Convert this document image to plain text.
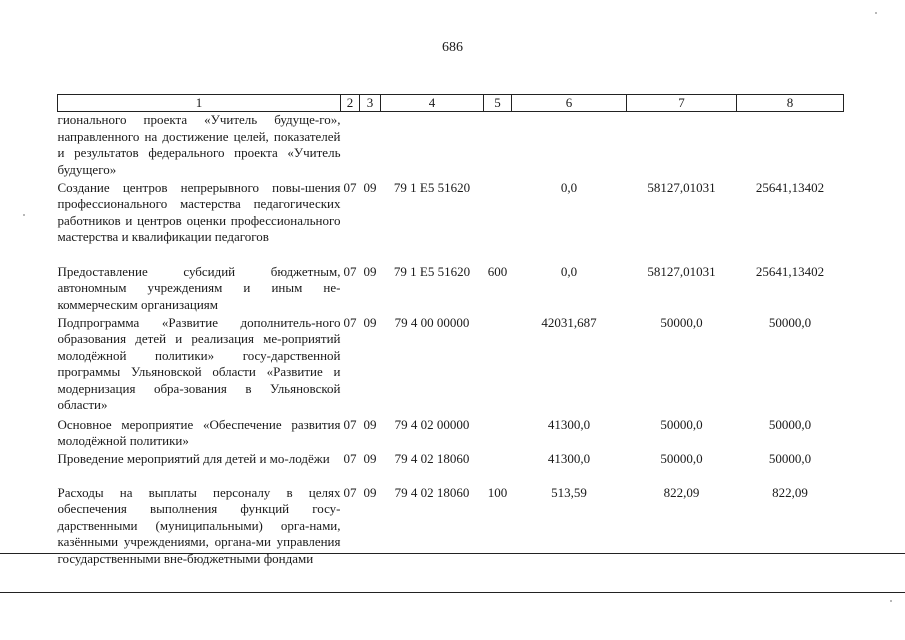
686
1	2	3	4	5	6	7	8
гионального проекта «Учитель будуще-го», направленного на достижение целей, показателей и результатов федерального проекта «Учитель будущего»							
Создание центров непрерывного повы-шения профессионального мастерства педагогических работников и центров оценки профессионального мастерства и квалификации педагогов	07	09	79 1 E5 51620		0,0	58127,01031	25641,13402
Предоставление субсидий бюджетным, автономным учреждениям и иным не-коммерческим организациям	07	09	79 1 E5 51620	600	0,0	58127,01031	25641,13402
Подпрограмма «Развитие дополнитель-ного образования детей и реализация ме-роприятий молодёжной политики» госу-дарственной программы Ульяновской области «Развитие и модернизация обра-зования в Ульяновской области»	07	09	79 4 00 00000		42031,687	50000,0	50000,0
Основное мероприятие «Обеспечение развития молодёжной политики»	07	09	79 4 02 00000		41300,0	50000,0	50000,0
Проведение мероприятий для детей и мо-лодёжи	07	09	79 4 02 18060		41300,0	50000,0	50000,0
Расходы на выплаты персоналу в целях обеспечения выполнения функций госу-дарственными (муниципальными) орга-нами, казёнными учреждениями, органа-ми управления государственными вне-бюджетными фондами	07	09	79 4 02 18060	100	513,59	822,09	822,09
